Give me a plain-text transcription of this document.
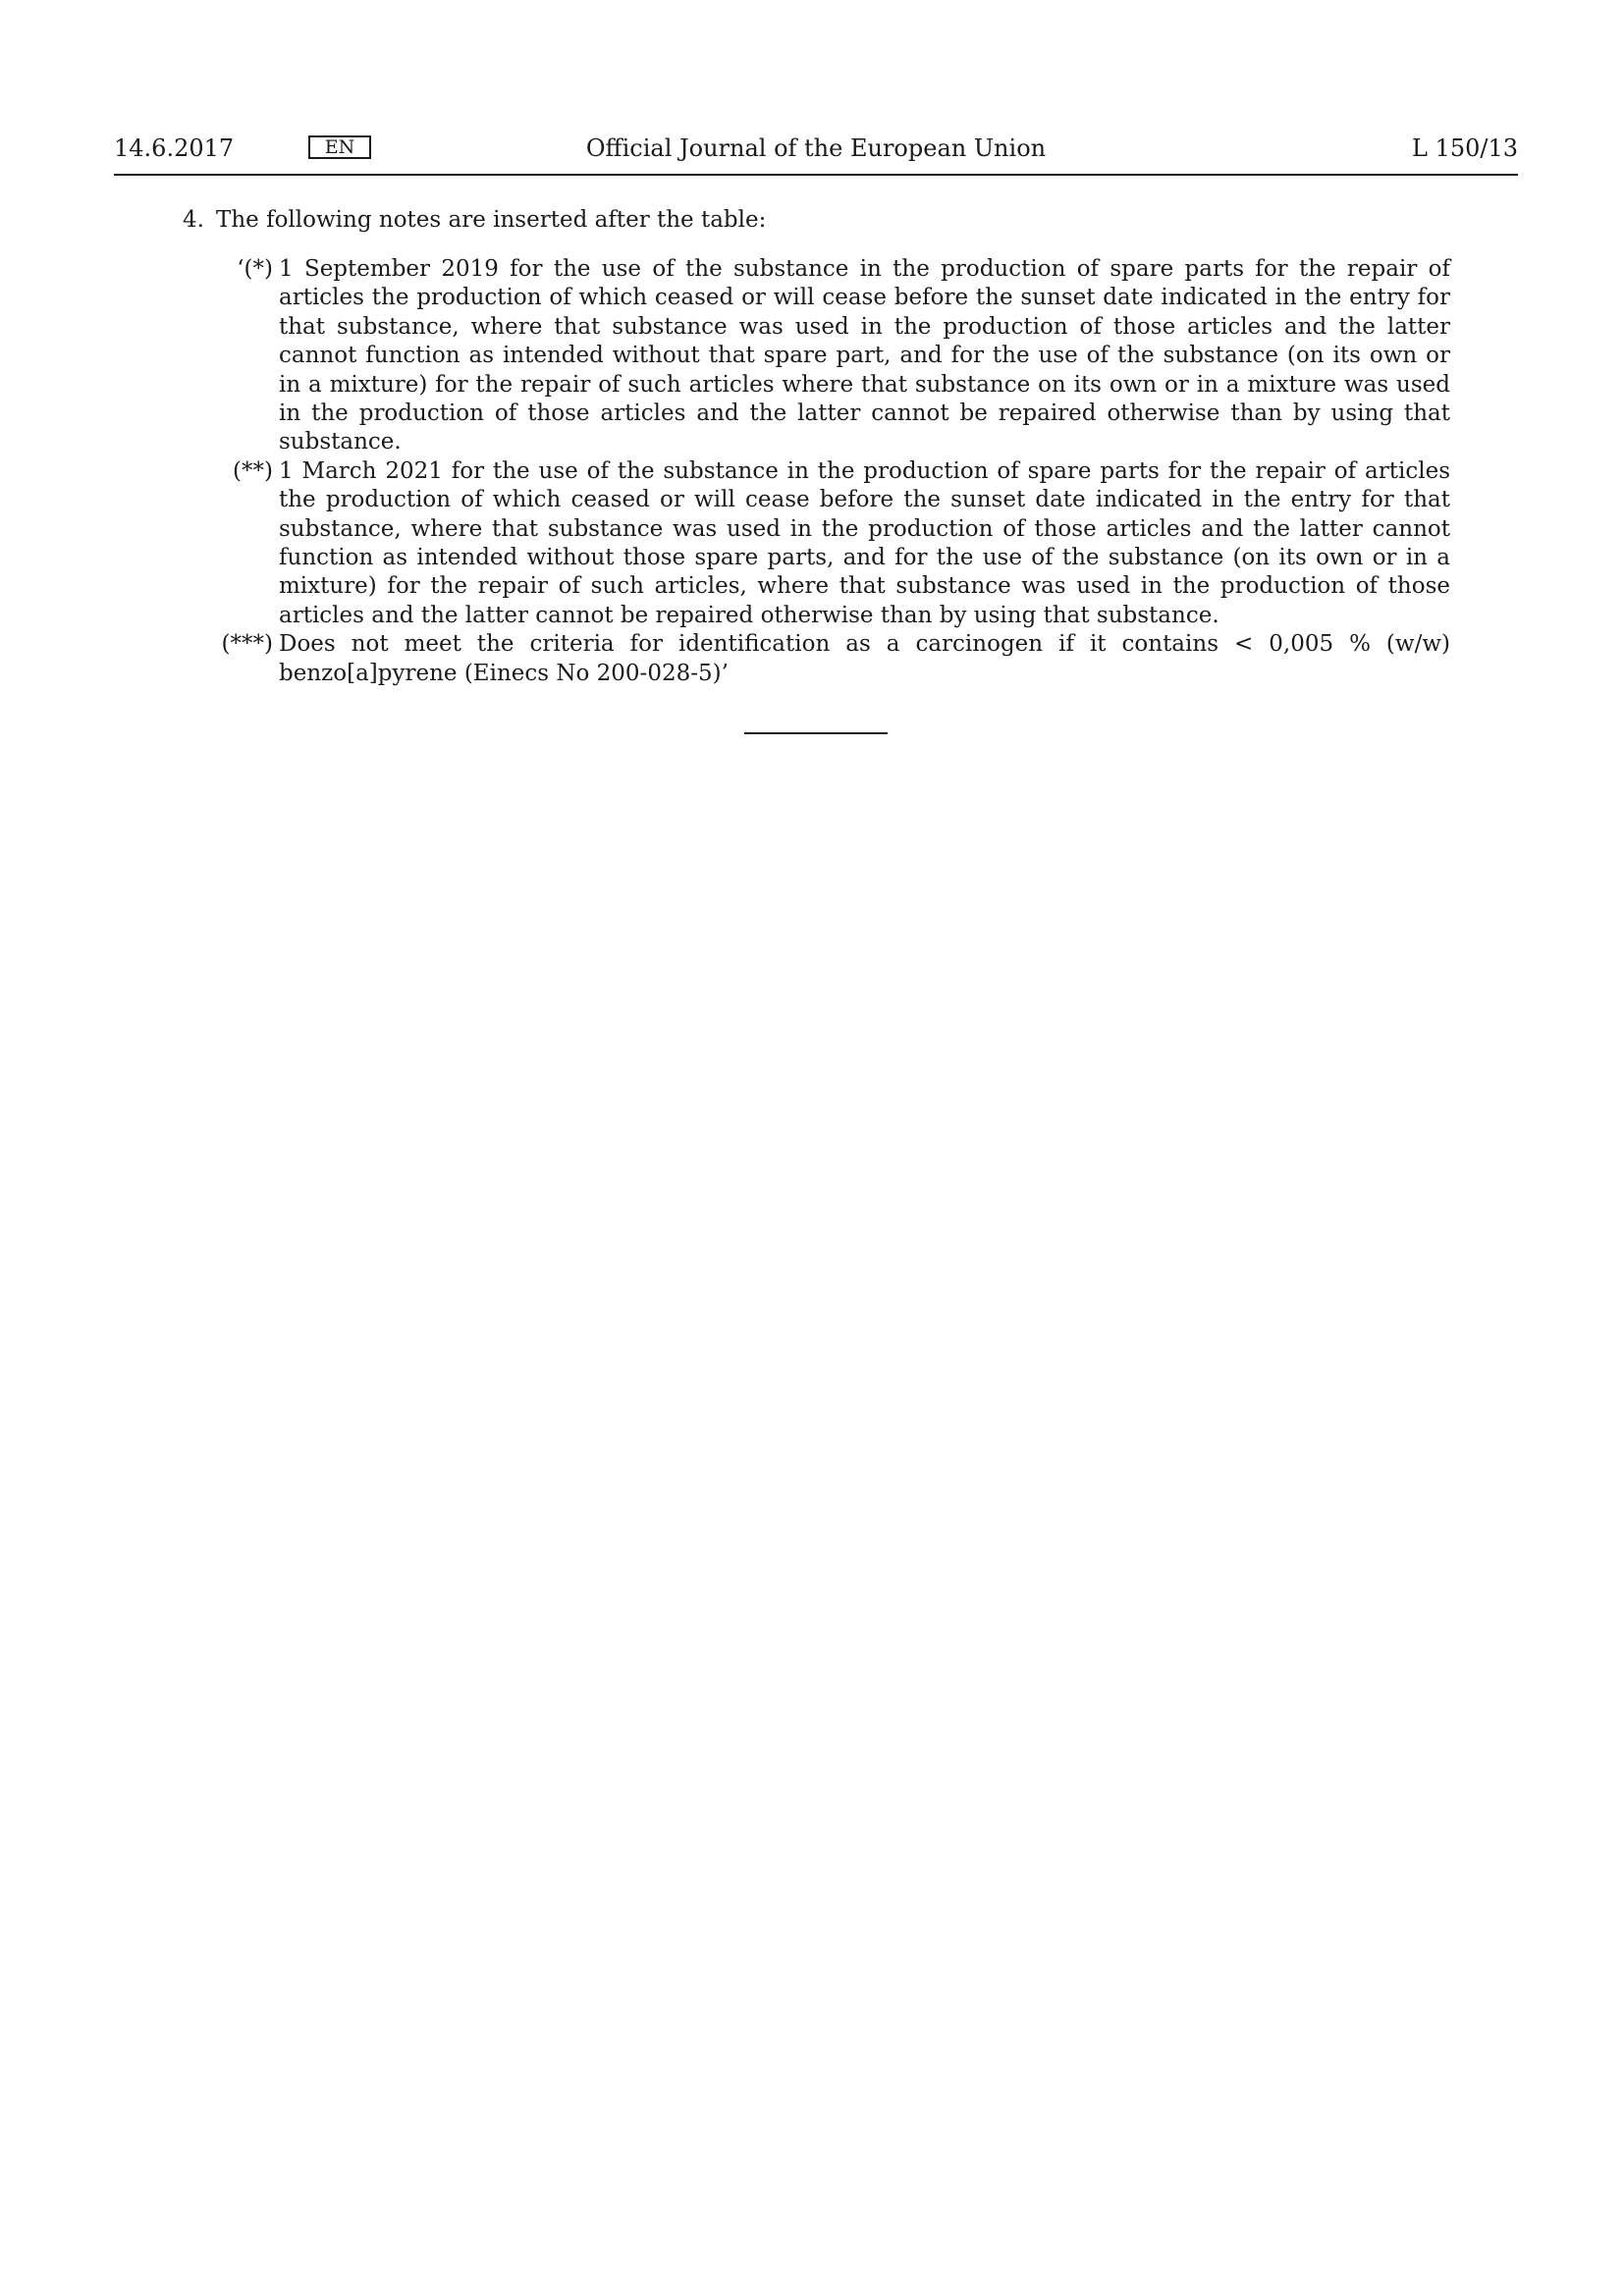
14.6.2017	EN	Official Journal of the European Union	L 150/13
4. The following notes are inserted after the table:
‘(*) 1 September 2019 for the use of the substance in the production of spare parts for the repair of articles the production of which ceased or will cease before the sunset date indicated in the entry for that substance, where that substance was used in the production of those articles and the latter cannot function as intended without that spare part, and for the use of the substance (on its own or in a mixture) for the repair of such articles where that substance on its own or in a mixture was used in the production of those articles and the latter cannot be repaired otherwise than by using that substance.
(**) 1 March 2021 for the use of the substance in the production of spare parts for the repair of articles the production of which ceased or will cease before the sunset date indicated in the entry for that substance, where that substance was used in the production of those articles and the latter cannot function as intended without those spare parts, and for the use of the substance (on its own or in a mixture) for the repair of such articles, where that substance was used in the production of those articles and the latter cannot be repaired otherwise than by using that substance.
(***) Does not meet the criteria for identification as a carcinogen if it contains < 0,005 % (w/w) benzo[a]pyrene (Einecs No 200-028-5)’
